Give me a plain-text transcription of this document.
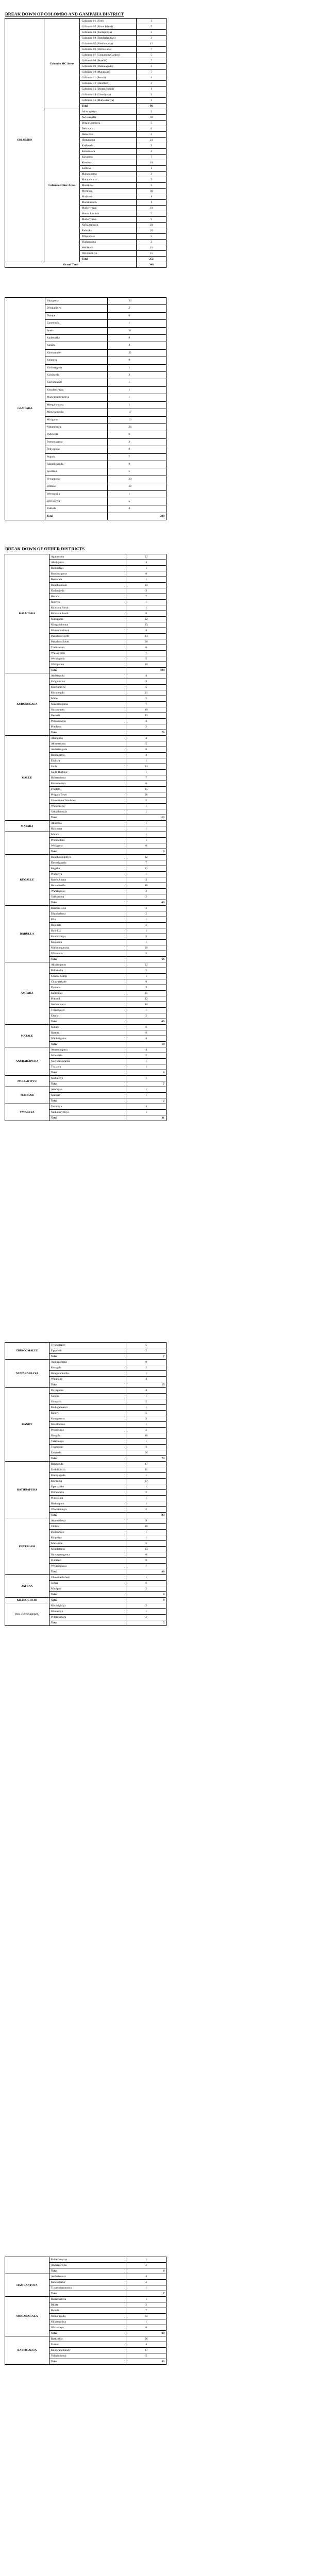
BREAK DOWN OF COLOMBO AND GAMPAHA DISTRICT
COLOMBO	Colombo MC Areas	Colombo 01 (Fort)	3
		Colombo 02 (Slave Island)	5
		Colombo 03 (Kollupitiya)	3
		Colombo 04 (Bambalapitiya)	2
		Colombo 05 (Narahenpita)	41
		Colombo 06 (Wellawatta)	7
		Colombo 07 (Cinnamon Garden)	5
		Colombo 08 (Borella)	7
		Colombo 09 (Dematagoda)	2
		Colombo 10 (Maradana)	7
		Colombo 11 (Pettah)	4
		Colombo 12 (Hulsftorf)	2
		Colombo 13 (Bloemendhal)	1
		Colombo 14 (Grandpass)	3
		Colombo 15 (Mattakkuliya)	3
		Total	96
	Colombo Other Areas	Athurugiriya	2
		Awissawella	30
		Boralesgamuwa	5
		Dehiwala	8
		Hanwella	4
		Homagama	21
		Kaduwela	3
		Kolonnawa	2
		Kosgama	7
		Kottawa	18
		Kottawa	1
		Maharagama	2
		Malapuwatta	2
		Moratuwa	3
		Meegoda	30
		Mirihana	1
		Moratumulla	1
		Mulleriyawa	18
		Mount Lavinia	7
		Mulleriyawa	9
		Nawagamuwa	29
		Padukka	20
		Piliyandala	5
		Thalangama	2
		Wellikada	10
		Wellampitiya	15
		Total	252
Grand Total			348
GAMPAHA	Biyagama	33
	Divulapitiya	2
	Dompe	6
	Ganemulla	1
	Ja-ela	21
	Kadawatha	8
	Kaqasa	4
	Katunayake	32
	Kelaniya	9
	Kiribathgoda	1
	Kiridiwela	3
	Kochchikade	1
	Kotadeniyawa	1
	Malwathuhiripitiya	1
	Meegahawatta	1
	Minuwangoda	17
	Mirigama	13
	Nittambuwa	24
	Pallewela	6
	Pamunugama	2
	Peliyagoda	8
	Pugoda	7
	Sapugaskanda	9
	Seeduwa	5
	Veyangoda	20
	Wattala	30
	Weeraguila	1
	Weliweriya	5
	Yakkala	4
	Total	280
BREAK DOWN OF OTHER DISTRICTS
KALUTARA	Agalawatta	22
	Aluthgama	4
	Baduraliya	1
	Bandaragama	8
	Beruwala	1
	Bulathsinhala	23
	Dodangoda	3
	Horana	7
	Ingiriya	1
	Kalutara North	1
	Kalutara South	8
	Matugama	22
	Morgahahenna	23
	Moronthuduwa	4
	Panadura North	14
	Panadura South	30
	Thebuwana	6
	Walloweera	7
	Wendogoda	5
	Wellipenna	10
	Total	198
KURUNEGALA	Ambanpola	4
	Galgamuwa	3
	Kuliyapitiya	5
	Kurunegala	21
	Mahe	2
	Mawathagama	7
	Narammala	10
	Pannala	13
	Polgahawela	4
	Potuhera	2
	Total	76
GALLE	Ahangalla	4
	Akmeemana	5
	Ambalangoda	8
	Baddegama	4
	Elpitiya	1
	Galle	24
	Galle Harbour	1
	Habaraduwa	7
	Karandeniya	6
	Poddala	15
	Pitigala Town	26
	Unawatuna/Imaduwa	2
	Wadurawba	1
	Yakkalamulla	1
	Total	113
MATARA	Akuressa	1
	Hakmana	1
	Matara	1
	Pitabeddara	1
	Weligama	6
	Total	9
KEGALLE	Bulathkohupitiya	12
	Deraniyagala	7
	Kegalle	21
	Pinderiya	1
	Rambukkana	3
	Ruwanwella	40
	Warakapola	3
	Yatiyantota	2
	Total	69
BADULLA	Bandarawela	3
	Diyathalawa	2
	Ella	1
	Haputale	2
	Hali-Ela	1
	Kandaketiya	3
	Koslanda	1
	Mahiyanganaya	20
	Welimada	2
	Total	66
AMPARA	Akkaraipattu	22
	Bakki-ella	2
	Central Camp	1
	Chawalakade	9
	Damana	3
	Kalmunai	11
	Pottuvil	12
	Samanthurai	10
	Thirukkovil	1
	Uhana	2
	Total	69
MATALE	Matale	6
	Rattota	6
	Wahhnigamu	4
	Total	10
ANURADAPURA	Anuradhapura	4
	Mihintale	2
	Nochchiyagama	1
	Thalawa	1
	Total	8
MULLAITIVU	Mullaitivu	7
	Total	7
MANNAR	Adampan	1
	Mannar	1
	Total	2
VAVUNIYA	Vavuniya	4
	Nedunkeythiya	1
	Total	11
TRINCOMALEE	Trincomalee	5
	Uppuveli	2
	Total	7
NUWARA ELIYA	Agarapathana	8
	Kotagala	2
	Hanguranketha	1
	Walapane	4
	Total	15
KANDY	Dayagama	4
	Galaha	1
	Gampola	2
	Kadugannawa	1
	Kandy	5
	Katugastota	3
	Menikhinna	1
	Peradeniya	2
	Rangala	18
	Talathuoya	1
	Thumpane	3
	Uduwela	36
	Total	73
RATHNAPURA	Balangoda	17
	Embilipitiya	11
	Eheliyagoda	1
	Kuruwita	27
	Opanayake	1
	Pelmadulla	2
	Pinnawala	1
	Rathnapura	1
	Weweldeniya	2
	Total	93
PUTTALAM	Anamaduwa	9
	Chilaw	18
	Dankotuwa	1
	Kalpitiya	1
	Madampe	5
	Mundalama	23
	Nawagattegama	6
	Puttalam	8
	Wennappuwa	7
	Total	86
JAFFNA	Chavakachcheri	1
	Jaffna	6
	Manipay	2
	Total	8
KILINOCHCHI	Total	8
POLONNARUWA	Medirigiriya	2
	Minneriya	1
	Polonnaruwa	2
	Total	5
	Puliathanyaya	1
	Arahagarwila	2
	Total	8
HAMBANTOTA	Ambalantota	4
	Kataragama	2
	Tissamaharamaya	1
	Total	7
MONARAGALA	Badal kabera	1
	Bibila	2
	Buttala	7
	Monaragalla	31
	Okkampitiya	1
	Wellawaya	8
	Total	29
BATTICALOA	Batticaloa	26
	Eravur	4
	Kaluwanchikudy	47
	Valachchenai	5
	Total	83
